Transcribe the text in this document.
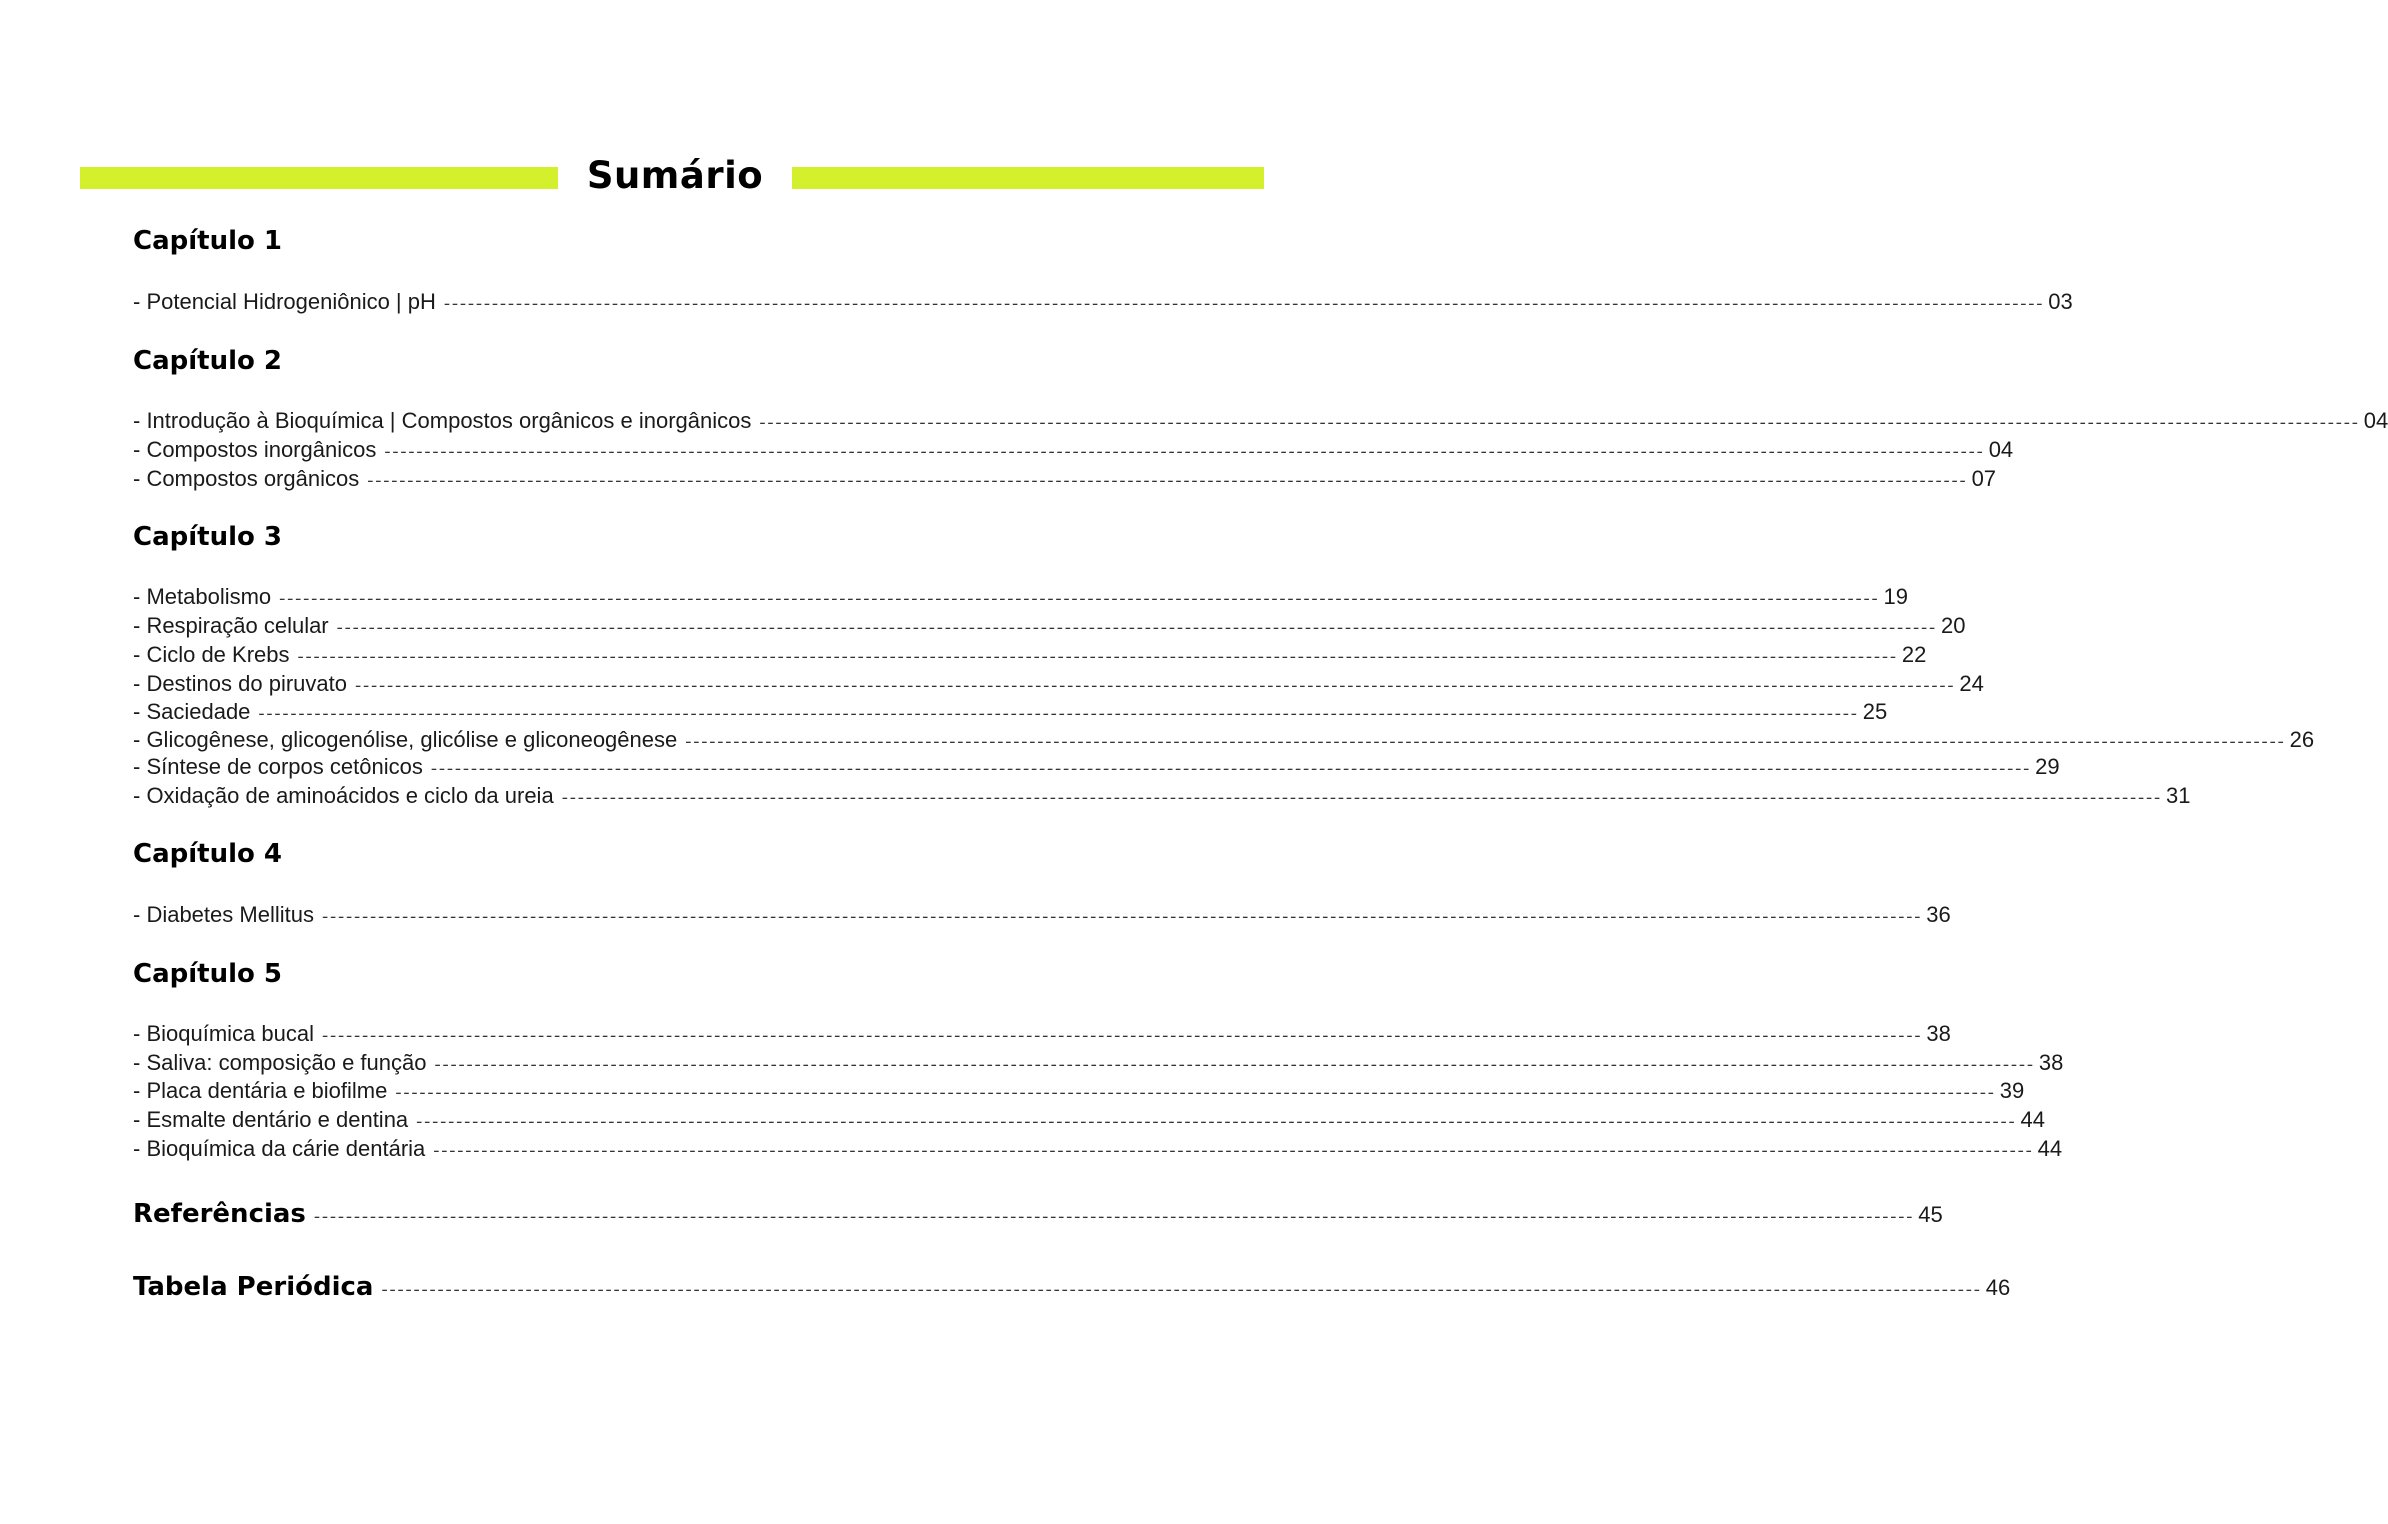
Sumário
Capítulo 1
- Potencial Hidrogeniônico | pH -------------------------------------------------------------------------------------------------------------------------------------------------------------------------------------------------------- 03
Capítulo 2
- Introdução à Bioquímica | Compostos orgânicos e inorgânicos -------------------------------------------------------------------------------------------------------------------------------------------------------------------------------------------------------- 04
- Compostos inorgânicos -------------------------------------------------------------------------------------------------------------------------------------------------------------------------------------------------------- 04
- Compostos orgânicos -------------------------------------------------------------------------------------------------------------------------------------------------------------------------------------------------------- 07
Capítulo 3
- Metabolismo -------------------------------------------------------------------------------------------------------------------------------------------------------------------------------------------------------- 19
- Respiração celular -------------------------------------------------------------------------------------------------------------------------------------------------------------------------------------------------------- 20
- Ciclo de Krebs -------------------------------------------------------------------------------------------------------------------------------------------------------------------------------------------------------- 22
- Destinos do piruvato -------------------------------------------------------------------------------------------------------------------------------------------------------------------------------------------------------- 24
- Saciedade -------------------------------------------------------------------------------------------------------------------------------------------------------------------------------------------------------- 25
- Glicogênese, glicogenólise, glicólise e gliconeogênese -------------------------------------------------------------------------------------------------------------------------------------------------------------------------------------------------------- 26
- Síntese de corpos cetônicos -------------------------------------------------------------------------------------------------------------------------------------------------------------------------------------------------------- 29
- Oxidação de aminoácidos e ciclo da ureia -------------------------------------------------------------------------------------------------------------------------------------------------------------------------------------------------------- 31
Capítulo 4
- Diabetes Mellitus -------------------------------------------------------------------------------------------------------------------------------------------------------------------------------------------------------- 36
Capítulo 5
- Bioquímica bucal -------------------------------------------------------------------------------------------------------------------------------------------------------------------------------------------------------- 38
- Saliva: composição e função -------------------------------------------------------------------------------------------------------------------------------------------------------------------------------------------------------- 38
- Placa dentária e biofilme -------------------------------------------------------------------------------------------------------------------------------------------------------------------------------------------------------- 39
- Esmalte dentário e dentina -------------------------------------------------------------------------------------------------------------------------------------------------------------------------------------------------------- 44
- Bioquímica da cárie dentária -------------------------------------------------------------------------------------------------------------------------------------------------------------------------------------------------------- 44
Referências -------------------------------------------------------------------------------------------------------------------------------------------------------------------------------------------------------- 45
Tabela Periódica -------------------------------------------------------------------------------------------------------------------------------------------------------------------------------------------------------- 46
